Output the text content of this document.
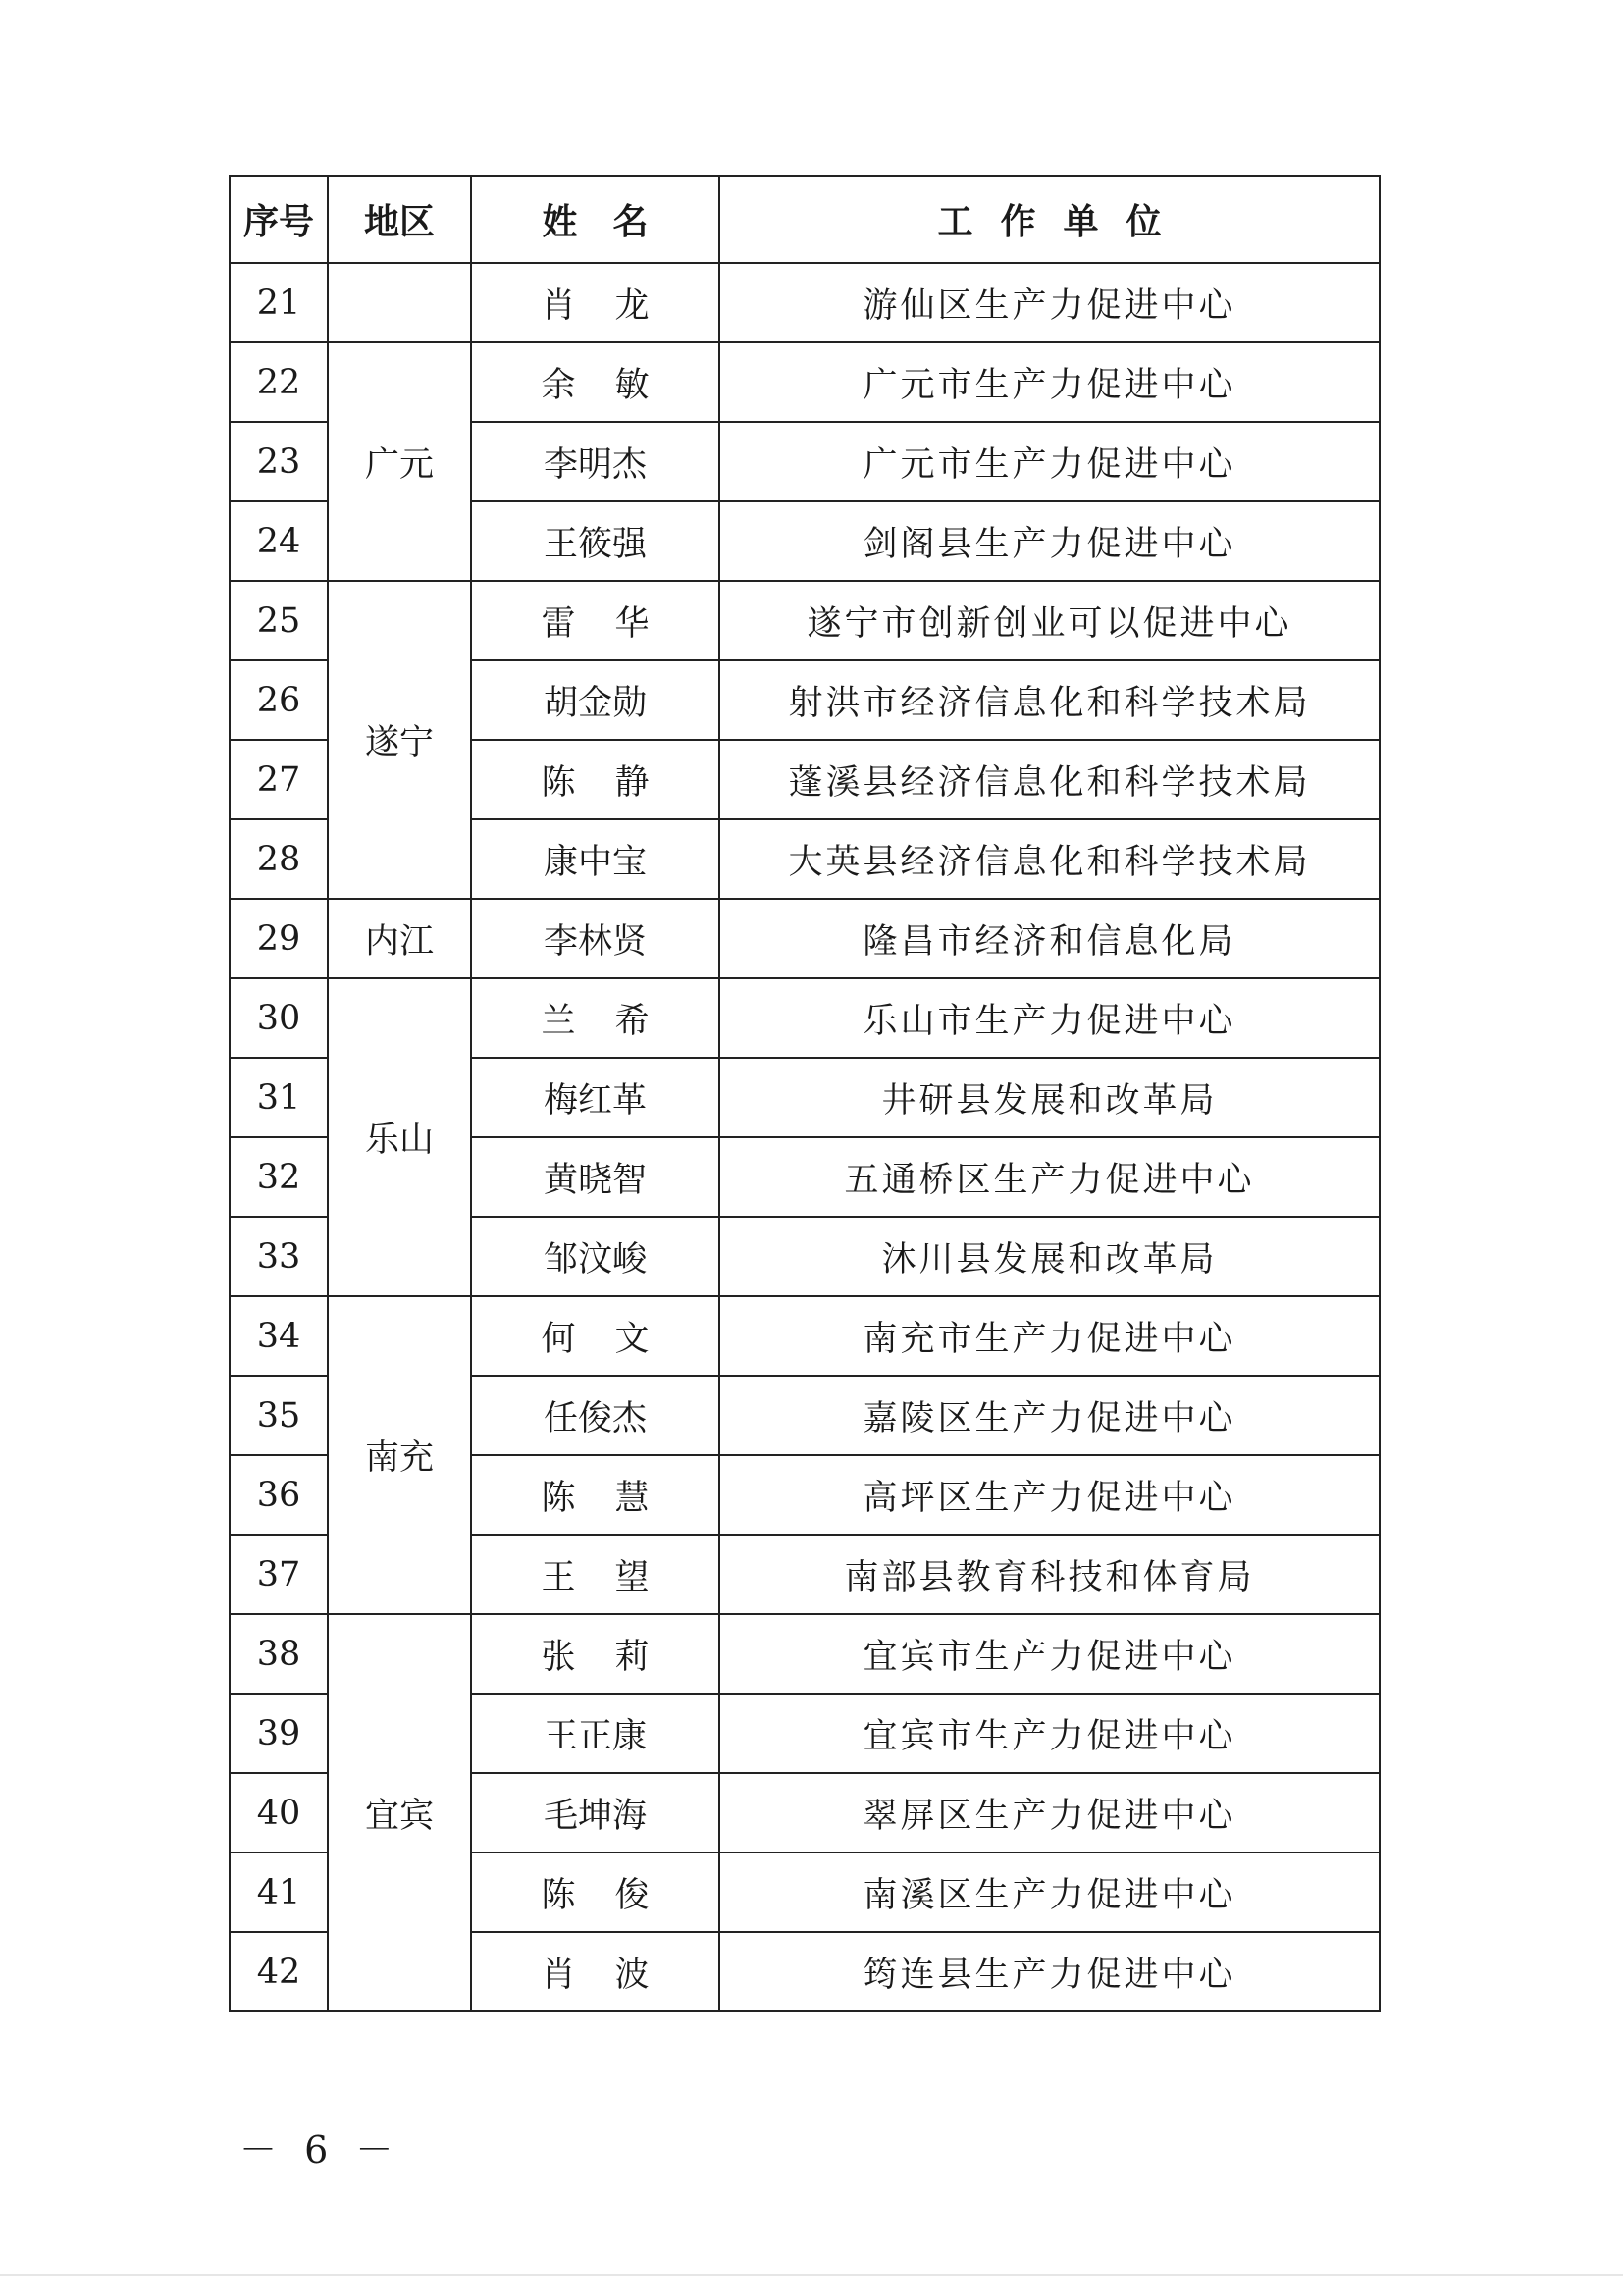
序号	地区	姓　名	工作单位
21		肖龙	游仙区生产力促进中心
22	广元	余敏	广元市生产力促进中心
23		李明杰	广元市生产力促进中心
24		王筱强	剑阁县生产力促进中心
25	遂宁	雷华	遂宁市创新创业可以促进中心
26		胡金勋	射洪市经济信息化和科学技术局
27		陈静	蓬溪县经济信息化和科学技术局
28		康中宝	大英县经济信息化和科学技术局
29	内江	李林贤	隆昌市经济和信息化局
30	乐山	兰希	乐山市生产力促进中心
31		梅红革	井研县发展和改革局
32		黄晓智	五通桥区生产力促进中心
33		邹汶峻	沐川县发展和改革局
34	南充	何文	南充市生产力促进中心
35		任俊杰	嘉陵区生产力促进中心
36		陈慧	高坪区生产力促进中心
37		王望	南部县教育科技和体育局
38	宜宾	张莉	宜宾市生产力促进中心
39		王正康	宜宾市生产力促进中心
40		毛坤海	翠屏区生产力促进中心
41		陈俊	南溪区生产力促进中心
42		肖波	筠连县生产力促进中心
－ 6 －
